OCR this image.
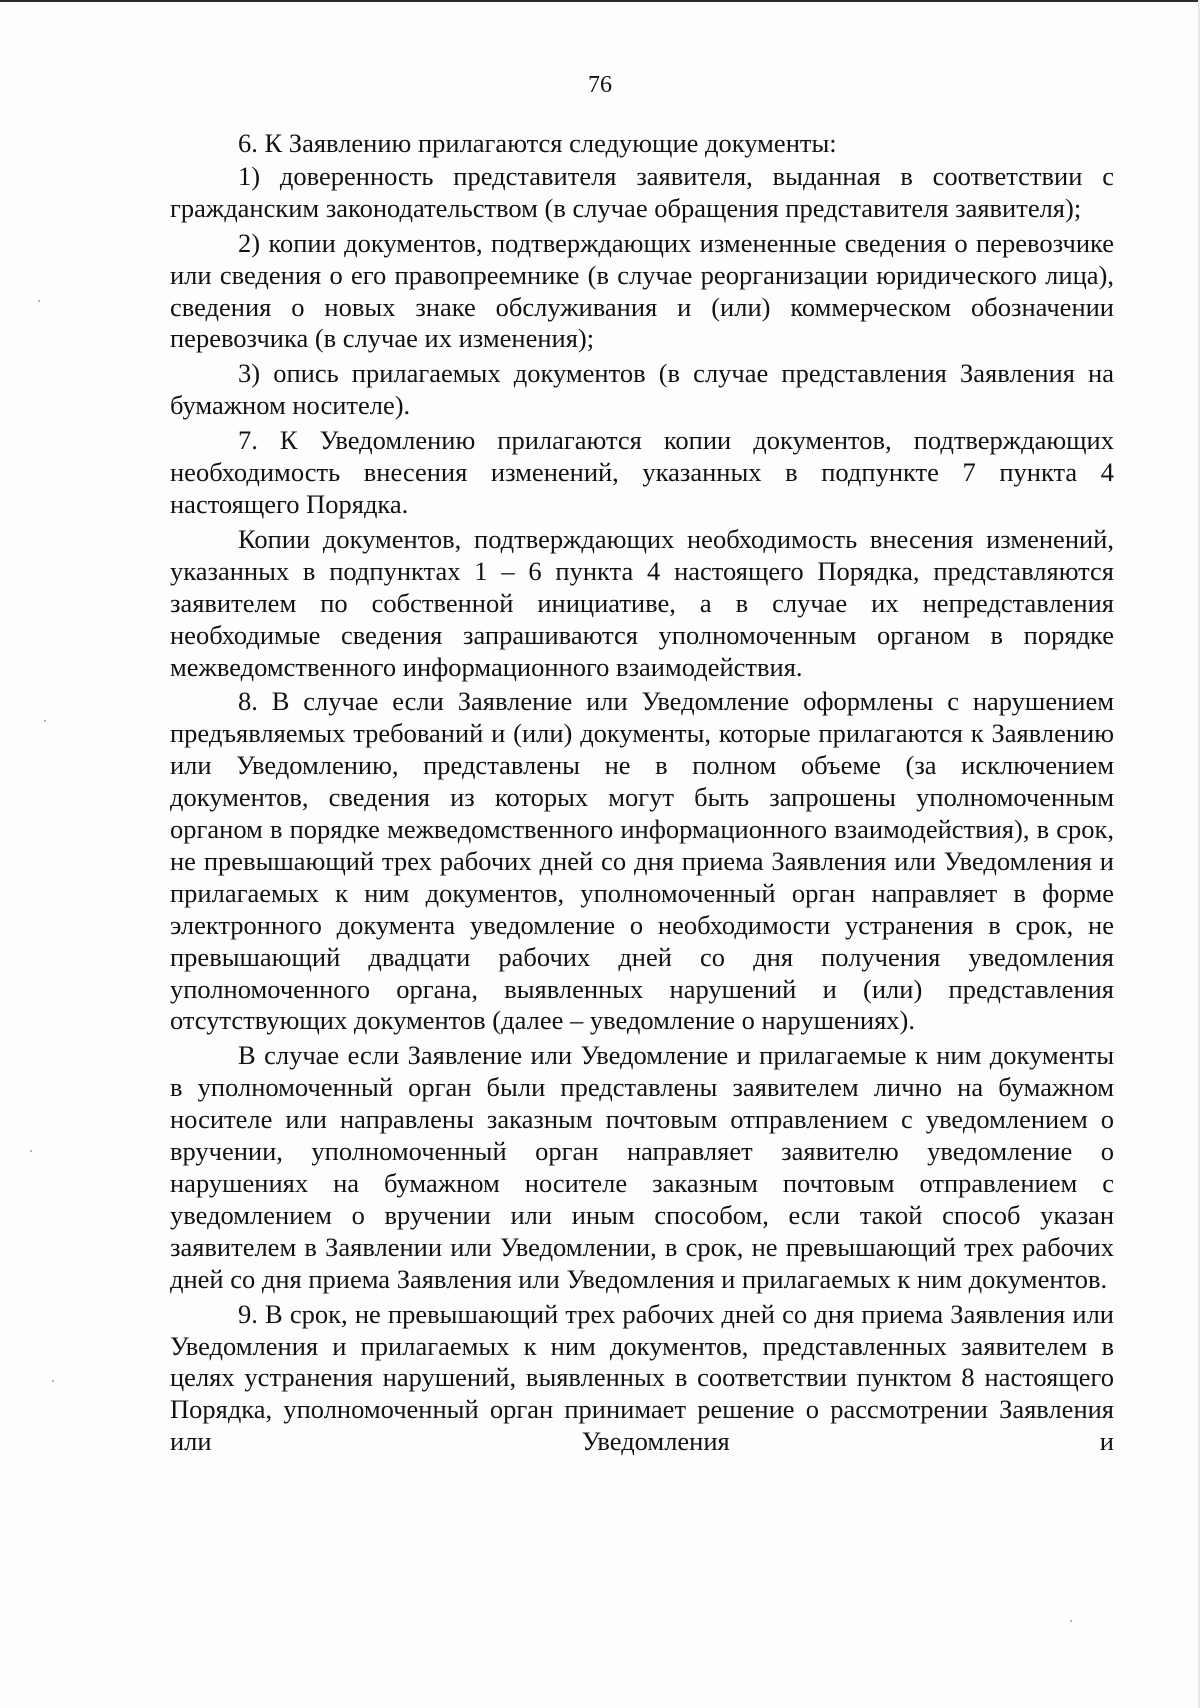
76

6. К Заявлению прилагаются следующие документы:

1) доверенность представителя заявителя, выданная в соответствии с гражданским законодательством (в случае обращения представителя заявителя);

2) копии документов, подтверждающих измененные сведения о перевозчике или сведения о его правопреемнике (в случае реорганизации юридического лица), сведения о новых знаке обслуживания и (или) коммерческом обозначении перевозчика (в случае их изменения);

3) опись прилагаемых документов (в случае представления Заявления на бумажном носителе).

7. К Уведомлению прилагаются копии документов, подтверждающих необходимость внесения изменений, указанных в подпункте 7 пункта 4 настоящего Порядка.

Копии документов, подтверждающих необходимость внесения изменений, указанных в подпунктах 1 – 6 пункта 4 настоящего Порядка, представляются заявителем по собственной инициативе, а в случае их непредставления необходимые сведения запрашиваются уполномоченным органом в порядке межведомственного информационного взаимодействия.

8. В случае если Заявление или Уведомление оформлены с нарушением предъявляемых требований и (или) документы, которые прилагаются к Заявлению или Уведомлению, представлены не в полном объеме (за исключением документов, сведения из которых могут быть запрошены уполномоченным органом в порядке межведомственного информационного взаимодействия), в срок, не превышающий трех рабочих дней со дня приема Заявления или Уведомления и прилагаемых к ним документов, уполномоченный орган направляет в форме электронного документа уведомление о необходимости устранения в срок, не превышающий двадцати рабочих дней со дня получения уведомления уполномоченного органа, выявленных нарушений и (или) представления отсутствующих документов (далее – уведомление о нарушениях).

В случае если Заявление или Уведомление и прилагаемые к ним документы в уполномоченный орган были представлены заявителем лично на бумажном носителе или направлены заказным почтовым отправлением с уведомлением о вручении, уполномоченный орган направляет заявителю уведомление о нарушениях на бумажном носителе заказным почтовым отправлением с уведомлением о вручении или иным способом, если такой способ указан заявителем в Заявлении или Уведомлении, в срок, не превышающий трех рабочих дней со дня приема Заявления или Уведомления и прилагаемых к ним документов.

9. В срок, не превышающий трех рабочих дней со дня приема Заявления или Уведомления и прилагаемых к ним документов, представленных заявителем в целях устранения нарушений, выявленных в соответствии пунктом 8 настоящего Порядка, уполномоченный орган принимает решение о рассмотрении Заявления или Уведомления и
